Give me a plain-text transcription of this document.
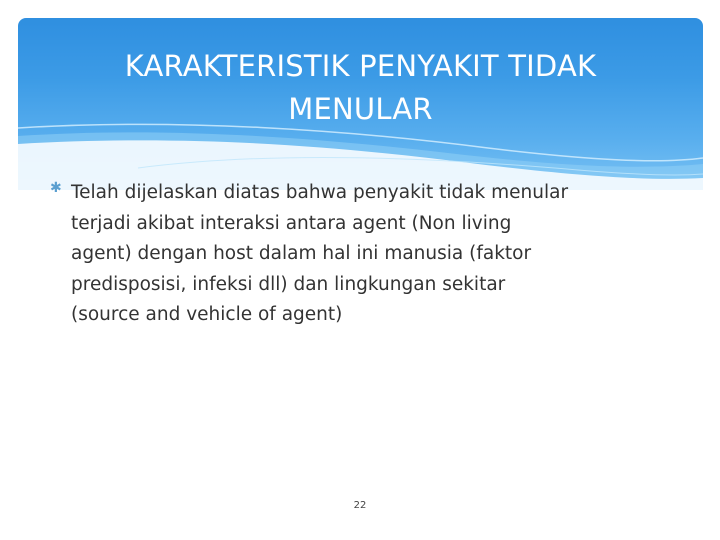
KARAKTERISTIK PENYAKIT TIDAK
MENULAR
✱ Telah dijelaskan diatas bahwa penyakit tidak menular
terjadi akibat interaksi antara agent (Non living
agent) dengan host dalam hal ini manusia (faktor
predisposisi, infeksi dll) dan lingkungan sekitar
(source and vehicle of agent)

22
